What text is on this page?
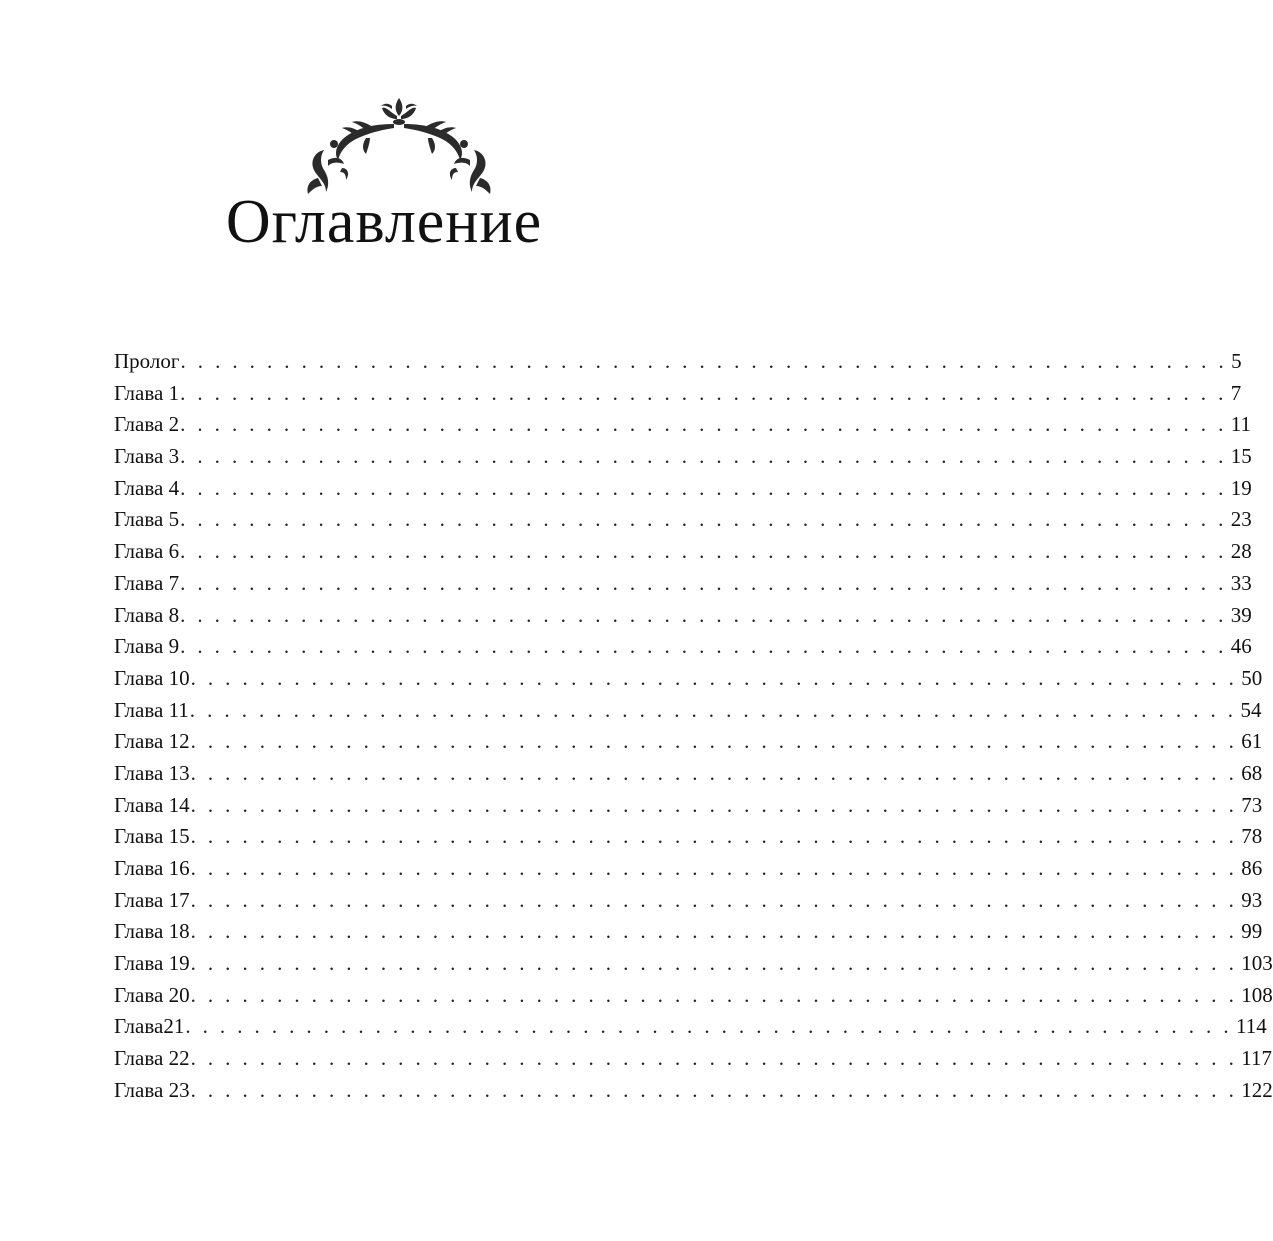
Оглавление
Пролог . . . . . . . . . . . . . . . . . . . . . . . . . . . . . . . . . . . . . . . . . . . . . . . . . . . . . . . . . . . . . 5
Глава 1 . . . . . . . . . . . . . . . . . . . . . . . . . . . . . . . . . . . . . . . . . . . . . . . . . . . . . . . . . . . . . 7
Глава 2 . . . . . . . . . . . . . . . . . . . . . . . . . . . . . . . . . . . . . . . . . . . . . . . . . . . . . . . . . . . . . 11
Глава 3 . . . . . . . . . . . . . . . . . . . . . . . . . . . . . . . . . . . . . . . . . . . . . . . . . . . . . . . . . . . . . 15
Глава 4 . . . . . . . . . . . . . . . . . . . . . . . . . . . . . . . . . . . . . . . . . . . . . . . . . . . . . . . . . . . . . 19
Глава 5 . . . . . . . . . . . . . . . . . . . . . . . . . . . . . . . . . . . . . . . . . . . . . . . . . . . . . . . . . . . . . 23
Глава 6 . . . . . . . . . . . . . . . . . . . . . . . . . . . . . . . . . . . . . . . . . . . . . . . . . . . . . . . . . . . . . 28
Глава 7 . . . . . . . . . . . . . . . . . . . . . . . . . . . . . . . . . . . . . . . . . . . . . . . . . . . . . . . . . . . . . 33
Глава 8 . . . . . . . . . . . . . . . . . . . . . . . . . . . . . . . . . . . . . . . . . . . . . . . . . . . . . . . . . . . . . 39
Глава 9 . . . . . . . . . . . . . . . . . . . . . . . . . . . . . . . . . . . . . . . . . . . . . . . . . . . . . . . . . . . . . 46
Глава 10 . . . . . . . . . . . . . . . . . . . . . . . . . . . . . . . . . . . . . . . . . . . . . . . . . . . . . . . . . . . . . 50
Глава 11 . . . . . . . . . . . . . . . . . . . . . . . . . . . . . . . . . . . . . . . . . . . . . . . . . . . . . . . . . . . . . 54
Глава 12 . . . . . . . . . . . . . . . . . . . . . . . . . . . . . . . . . . . . . . . . . . . . . . . . . . . . . . . . . . . . . 61
Глава 13 . . . . . . . . . . . . . . . . . . . . . . . . . . . . . . . . . . . . . . . . . . . . . . . . . . . . . . . . . . . . . 68
Глава 14 . . . . . . . . . . . . . . . . . . . . . . . . . . . . . . . . . . . . . . . . . . . . . . . . . . . . . . . . . . . . . 73
Глава 15 . . . . . . . . . . . . . . . . . . . . . . . . . . . . . . . . . . . . . . . . . . . . . . . . . . . . . . . . . . . . . 78
Глава 16 . . . . . . . . . . . . . . . . . . . . . . . . . . . . . . . . . . . . . . . . . . . . . . . . . . . . . . . . . . . . . 86
Глава 17 . . . . . . . . . . . . . . . . . . . . . . . . . . . . . . . . . . . . . . . . . . . . . . . . . . . . . . . . . . . . . 93
Глава 18 . . . . . . . . . . . . . . . . . . . . . . . . . . . . . . . . . . . . . . . . . . . . . . . . . . . . . . . . . . . . . 99
Глава 19 . . . . . . . . . . . . . . . . . . . . . . . . . . . . . . . . . . . . . . . . . . . . . . . . . . . . . . . . . . . . . 103
Глава 20 . . . . . . . . . . . . . . . . . . . . . . . . . . . . . . . . . . . . . . . . . . . . . . . . . . . . . . . . . . . . . 108
Глава21 . . . . . . . . . . . . . . . . . . . . . . . . . . . . . . . . . . . . . . . . . . . . . . . . . . . . . . . . . . . . . 114
Глава 22 . . . . . . . . . . . . . . . . . . . . . . . . . . . . . . . . . . . . . . . . . . . . . . . . . . . . . . . . . . . . . 117
Глава 23 . . . . . . . . . . . . . . . . . . . . . . . . . . . . . . . . . . . . . . . . . . . . . . . . . . . . . . . . . . . . . 122
